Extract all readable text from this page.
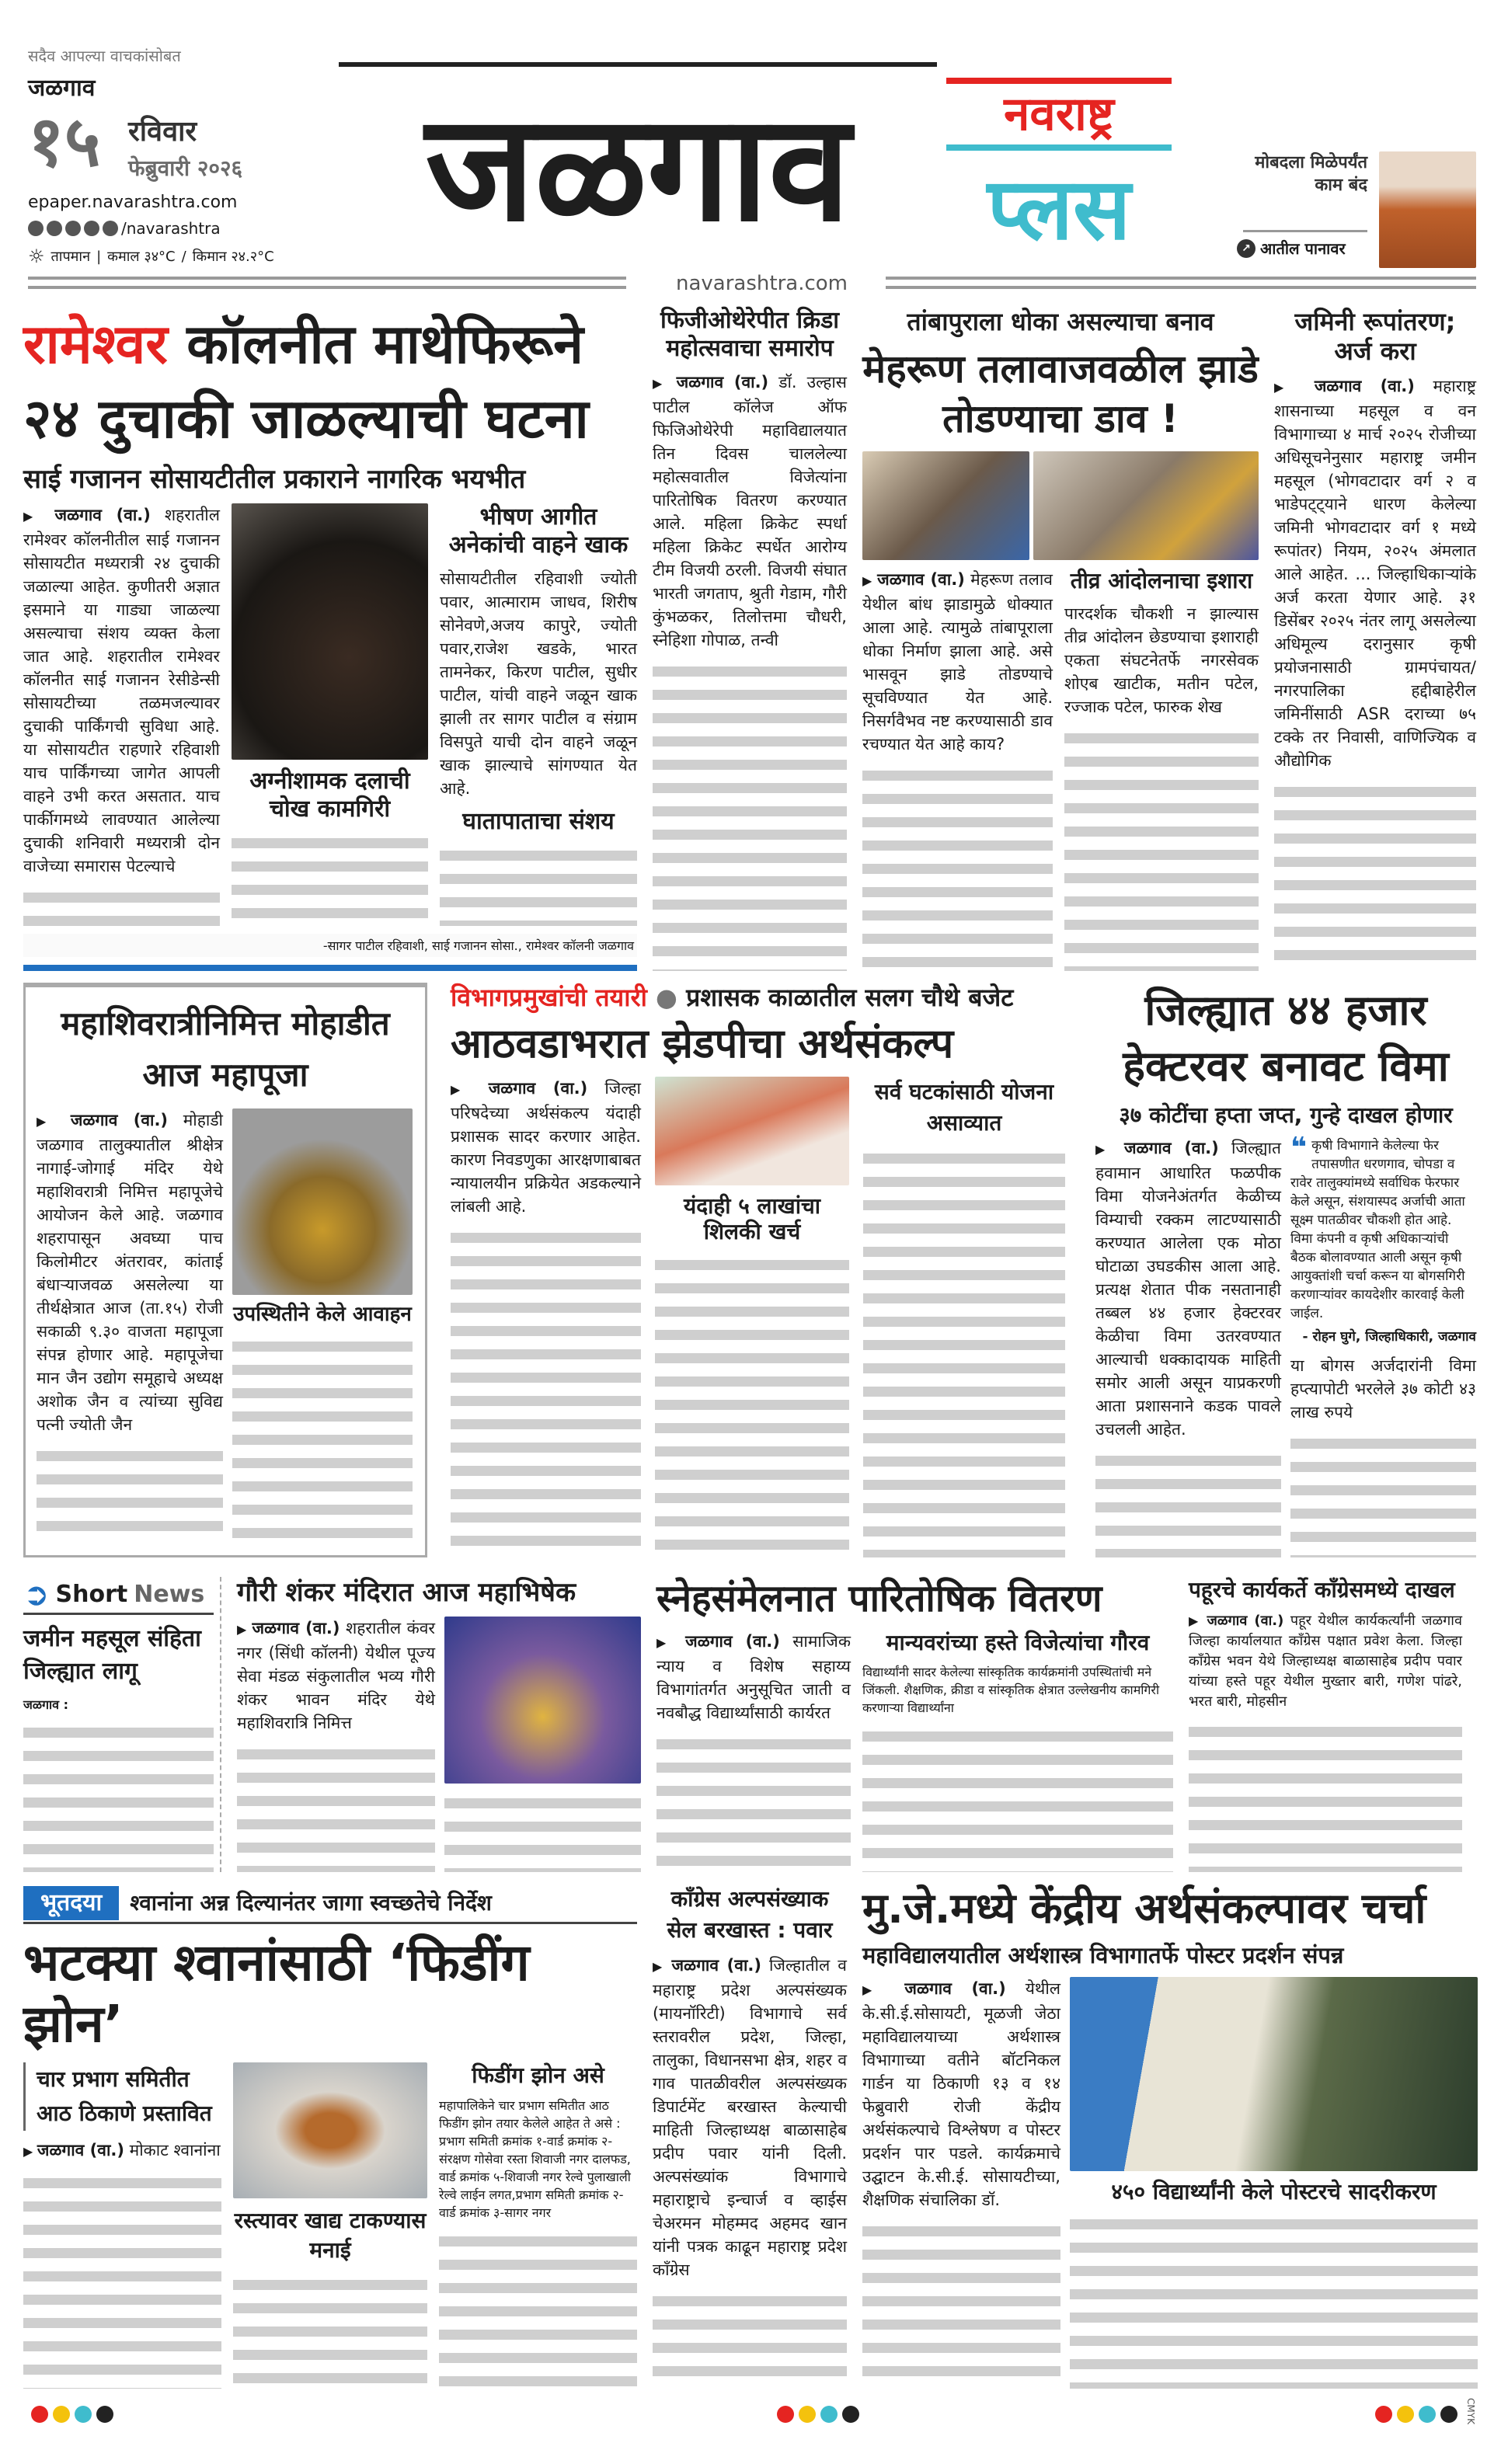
सदैव आपल्या वाचकांसोबत
जळगाव
१५ रविवार
फेब्रुवारी २०२६
epaper.navarashtra.com
/navarashtra
☼ तापमान | कमाल ३४°C / किमान २४.२°C
जळगाव	नवराष्ट्र
प्लस	मोबदला मिळेपर्यंत काम बंद
↗ आतील पानावर
navarashtra.com
रामेश्वर कॉलनीत माथेफिरूने
२४ दुचाकी जाळल्याची घटना
साई गजानन सोसायटीतील प्रकाराने नागरिक भयभीत
▶ जळगाव (वा.) शहरातील रामेश्वर कॉलनीतील साई गजानन सोसायटीत मध्यरात्री २४ दुचाकी जळाल्या आहेत. कुणीतरी अज्ञात इसमाने या गाड्या जाळल्या असल्याचा संशय व्यक्त केला जात आहे. शहरातील रामेश्वर कॉलनीत साई गजानन रेसीडेन्सी सोसायटीच्या तळमजल्यावर दुचाकी पार्किंगची सुविधा आहे. या सोसायटीत राहणारे रहिवाशी याच पार्किंगच्या जागेत आपली वाहने उभी करत असतात. याच पार्कीगमध्ये लावण्यात आलेल्या दुचाकी शनिवारी मध्यरात्री दोन वाजेच्या समारास पेटल्याचे
अग्नीशामक दलाची चोख कामगिरी
भीषण आगीत अनेकांची वाहने खाक
सोसायटीतील रहिवाशी ज्योती पवार, आत्माराम जाधव, शिरीष सोनेवणे,अजय कापुरे, ज्योती पवार,राजेश खडके, भारत तामनेकर, किरण पाटील, सुधीर पाटील, यांची वाहने जळून खाक झाली तर सागर पाटील व संग्राम विसपुते याची दोन वाहने जळून खाक झाल्याचे सांगण्यात येत आहे.
घातापाताचा संशय
-सागर पाटील रहिवाशी, साई गजानन सोसा., रामेश्वर कॉलनी जळगाव
फिजीओथेरेपीत क्रिडा महोत्सवाचा समारोप
▶ जळगाव (वा.) डॉ. उल्हास पाटील कॉलेज ऑफ फिजिओथेरेपी महाविद्यालयात तिन दिवस चाललेल्या महोत्सवातील विजेत्यांना पारितोषिक वितरण करण्यात आले. महिला क्रिकेट स्पर्धा महिला क्रिकेट स्पर्धेत आरोग्य टीम विजयी ठरली. विजयी संघात भारती जगताप, श्रुती गेडाम, गौरी कुंभळकर, तिलोत्तमा चौधरी, स्नेहिशा गोपाळ, तन्वी
तांबापुराला धोका असल्याचा बनाव
मेहरूण तलावाजवळील झाडे तोडण्याचा डाव !
▶ जळगाव (वा.) मेहरूण तलाव येथील बांध झाडामुळे धोक्यात आला आहे. त्यामुळे तांबापूराला धोका निर्माण झाला आहे. असे भासवून झाडे तोडण्याचे सूचविण्यात येत आहे. निसर्गवैभव नष्ट करण्यासाठी डाव रचण्यात येत आहे काय?
तीव्र आंदोलनाचा इशारा
पारदर्शक चौकशी न झाल्यास तीव्र आंदोलन छेडण्याचा इशाराही एकता संघटनेतर्फे नगरसेवक शोएब खाटीक, मतीन पटेल, रज्जाक पटेल, फारुक शेख
जमिनी रूपांतरण; अर्ज करा
▶ जळगाव (वा.) महाराष्ट्र शासनाच्या महसूल व वन विभागाच्या ४ मार्च २०२५ रोजीच्या अधिसूचनेनुसार महाराष्ट्र जमीन महसूल (भोगवटादार वर्ग २ व भाडेपट्ट्याने धारण केलेल्या जमिनी भोगवटादार वर्ग १ मध्ये रूपांतर) नियम, २०२५ अंमलात आले आहेत. ... जिल्हाधिकाऱ्यांके अर्ज करता येणार आहे. ३१ डिसेंबर २०२५ नंतर लागू असलेल्या अधिमूल्य दरानुसार कृषी प्रयोजनासाठी ग्रामपंचायत/नगरपालिका हद्दीबाहेरील जमिनींसाठी ASR दराच्या ७५ टक्के तर निवासी, वाणिज्यिक व औद्योगिक
महाशिवरात्रीनिमित्त मोहाडीत आज महापूजा
▶ जळगाव (वा.) मोहाडी जळगाव तालुक्यातील श्रीक्षेत्र नागाई-जोगाई मंदिर येथे महाशिवरात्री निमित्त महापूजेचे आयोजन केले आहे. जळगाव शहरापासून अवघ्या पाच किलोमीटर अंतरावर, कांताई बंधाऱ्याजवळ असलेल्या या तीर्थक्षेत्रात आज (ता.१५) रोजी सकाळी ९.३० वाजता महापूजा संपन्न होणार आहे. महापूजेचा मान जैन उद्योग समूहाचे अध्यक्ष अशोक जैन व त्यांच्या सुविद्य पत्नी ज्योती जैन
उपस्थितीने केले आवाहन
विभागप्रमुखांची तयारी ● प्रशासक काळातील सलग चौथे बजेट
आठवडाभरात झेडपीचा अर्थसंकल्प
▶ जळगाव (वा.) जिल्हा परिषदेच्या अर्थसंकल्प यंदाही प्रशासक सादर करणार आहेत. कारण निवडणुका आरक्षणाबाबत न्यायालयीन प्रक्रियेत अडकल्याने लांबली आहे.	यंदाही ५ लाखांचा शिलकी खर्च
सर्व घटकांसाठी योजना असाव्यात
जिल्ह्यात ४४ हजार हेक्टरवर बनावट विमा
३७ कोटींचा हप्ता जप्त, गुन्हे दाखल होणार
▶ जळगाव (वा.) जिल्ह्यात हवामान आधारित फळपीक विमा योजनेअंतर्गत केळीच्य विम्याची रक्कम लाटण्यासाठी करण्यात आलेला एक मोठा घोटाळा उघडकीस आला आहे. प्रत्यक्ष शेतात पीक नसतानाही तब्बल ४४ हजार हेक्टरवर केळीचा विमा उतरवण्यात आल्याची धक्कादायक माहिती समोर आली असून याप्रकरणी आता प्रशासनाने कडक पावले उचलली आहेत.
❝ कृषी विभागाने केलेल्या फेर तपासणीत धरणगाव, चोपडा व रावेर तालुक्यांमध्ये सर्वाधिक फेरफार केले असून, संशयास्पद अर्जाची आता सूक्ष्म पातळीवर चौकशी होत आहे. विमा कंपनी व कृषी अधिकाऱ्यांची बैठक बोलावण्यात आली असून कृषी आयुक्तांशी चर्चा करून या बोगसगिरी करणाऱ्यांवर कायदेशीर कारवाई केली जाईल.
- रोहन घुगे, जिल्हाधिकारी, जळगाव
या बोगस अर्जदारांनी विमा हप्त्यापोटी भरलेले ३७ कोटी ४३ लाख रुपये
➲ Short News
जमीन महसूल संहिता जिल्ह्यात लागू
जळगाव :
गौरी शंकर मंदिरात आज महाभिषेक
▶ जळगाव (वा.) शहरातील कंवर नगर (सिंधी कॉलनी) येथील पूज्य सेवा मंडळ संकुलातील भव्य गौरी शंकर भावन मंदिर येथे महाशिवरात्रि निमित्त
स्नेहसंमेलनात पारितोषिक वितरण
▶ जळगाव (वा.) सामाजिक न्याय व विशेष सहाय्य विभागांतर्गत अनुसूचित जाती व नवबौद्ध विद्यार्थ्यांसाठी कार्यरत
मान्यवरांच्या हस्ते विजेत्यांचा गौरव
विद्यार्थ्यांनी सादर केलेल्या सांस्कृतिक कार्यक्रमांनी उपस्थितांची मने जिंकली. शैक्षणिक, क्रीडा व सांस्कृतिक क्षेत्रात उल्लेखनीय कामगिरी करणाऱ्या विद्यार्थ्यांना
पहूरचे कार्यकर्ते काँग्रेसमध्ये दाखल
▶ जळगाव (वा.) पहूर येथील कार्यकर्त्यांनी जळगाव जिल्हा कार्यालयात काँग्रेस पक्षात प्रवेश केला. जिल्हा काँग्रेस भवन येथे जिल्हाध्यक्ष बाळासाहेब प्रदीप पवार यांच्या हस्ते पहूर येथील मुख्तार बारी, गणेश पांढरे, भरत बारी, मोहसीन
भूतदया	श्वानांना अन्न दिल्यानंतर जागा स्वच्छतेचे निर्देश
भटक्या श्वानांसाठी ‘फिडींग झोन’
चार प्रभाग समितीत आठ ठिकाणे प्रस्तावित
▶ जळगाव (वा.) मोकाट श्वानांना
रस्त्यावर खाद्य टाकण्यास मनाई
फिडींग झोन असे
महापालिकेने चार प्रभाग समितीत आठ फिडींग झोन तयार केलेले आहेत ते असे : प्रभाग समिती क्रमांक १-वार्ड क्रमांक २- संरक्षण गोसेवा रस्ता शिवाजी नगर दालफड, वार्ड क्रमांक ५-शिवाजी नगर रेल्वे पुलाखाली रेल्वे लाईन लगत,प्रभाग समिती क्रमांक २-वार्ड क्रमांक ३-सागर नगर
काँग्रेस अल्पसंख्याक सेल बरखास्त : पवार
▶ जळगाव (वा.) जिल्हातील व महाराष्ट्र प्रदेश अल्पसंख्यक (मायनॉरिटी) विभागाचे सर्व स्तरावरील प्रदेश, जिल्हा, तालुका, विधानसभा क्षेत्र, शहर व गाव पातळीवरील अल्पसंख्यक डिपार्टमेंट बरखास्त केल्याची माहिती जिल्हाध्यक्ष बाळासाहेब प्रदीप पवार यांनी दिली. अल्पसंख्यांक विभागाचे महाराष्ट्राचे इन्चार्ज व व्हाईस चेअरमन मोहम्मद अहमद खान यांनी पत्रक काढून महाराष्ट्र प्रदेश काँग्रेस
मु.जे.मध्ये केंद्रीय अर्थसंकल्पावर चर्चा
महाविद्यालयातील अर्थशास्त्र विभागातर्फे पोस्टर प्रदर्शन संपन्न
▶ जळगाव (वा.) येथील के.सी.ई.सोसायटी, मूळजी जेठा महाविद्यालयाच्या अर्थशास्त्र विभागाच्या वतीने बॉटनिकल गार्डन या ठिकाणी १३ व १४ फेब्रुवारी रोजी केंद्रीय अर्थसंकल्पाचे विश्लेषण व पोस्टर प्रदर्शन पार पडले. कार्यक्रमाचे उद्घाटन के.सी.ई. सोसायटीच्या, शैक्षणिक संचालिका डॉ.	४५० विद्यार्थ्यांनी केले पोस्टरचे सादरीकरण
CMYK
